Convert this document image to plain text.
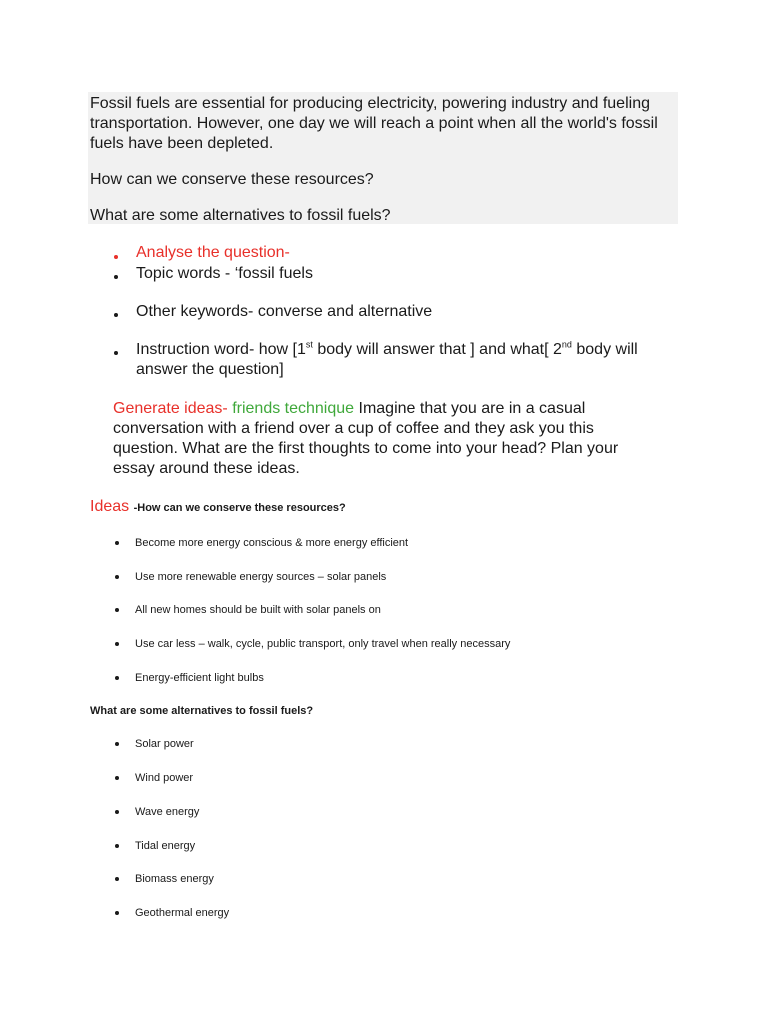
Fossil fuels are essential for producing electricity, powering industry and fueling transportation. However, one day we will reach a point when all the world's fossil fuels have been depleted.
How can we conserve these resources?
What are some alternatives to fossil fuels?
Analyse the question-
Topic words - ‘fossil fuels
Other keywords- converse and alternative
Instruction word- how [1st body will answer that ] and what[ 2nd body will
answer the question]
Generate ideas- friends technique Imagine that you are in a casual conversation with a friend over a cup of coffee and they ask you this question. What are the first thoughts to come into your head? Plan your essay around these ideas.
Ideas -How can we conserve these resources?
Become more energy conscious & more energy efficient
Use more renewable energy sources – solar panels
All new homes should be built with solar panels on
Use car less – walk, cycle, public transport, only travel when really necessary
Energy-efficient light bulbs
What are some alternatives to fossil fuels?
Solar power
Wind power
Wave energy
Tidal energy
Biomass energy
Geothermal energy
